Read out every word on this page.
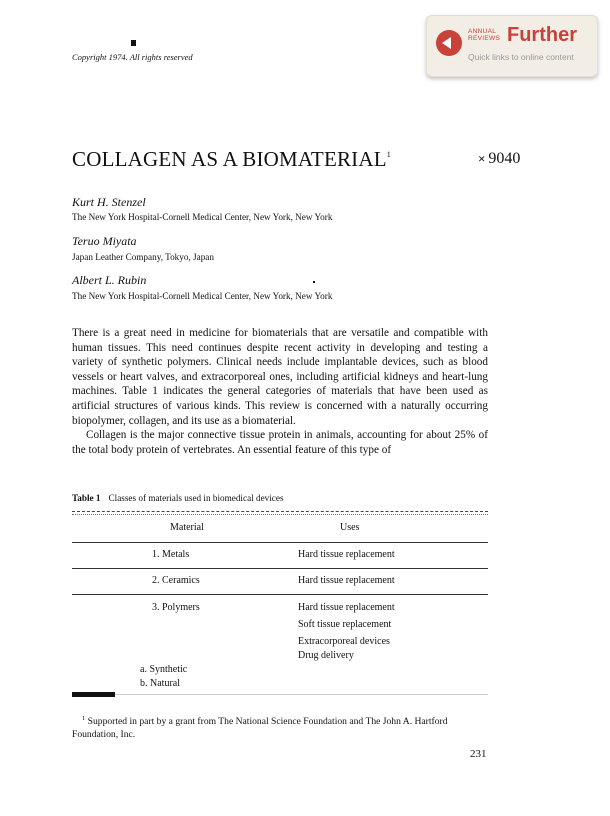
Copyright 1974. All rights reserved
ANNUAL
REVIEWS Further
Quick links to online content
COLLAGEN AS A $BIOMATERIAL^1$	× 9040
Kurt H. Stenzel
The New York Hospital-Cornell Medical Center, New York, New York
Teruo Miyata
Japan Leather Company, Tokyo, Japan
Albert L. Rubin
The New York Hospital-Cornell Medical Center, New York, New York

There is a great need in medicine for biomaterials that are versatile and compatible with human tissues. This need continues despite recent activity in developing and testing a variety of synthetic polymers. Clinical needs include implantable devices, such as blood vessels or heart valves, and extracorporeal ones, including artificial kidneys and heart-lung machines. Table 1 indicates the general categories of materials that have been used as artificial structures of various kinds. This review is concerned with a naturally occurring biopolymer, collagen, and its use as a biomaterial.

Collagen is the major connective tissue protein in animals, accounting for about 25% of the total body protein of vertebrates. An essential feature of this type of

Table 1 Classes of materials used in biomedical devices
Material	Uses
1. Metals	Hard tissue replacement
2. Ceramics	Hard tissue replacement
3. Polymers	Hard tissue replacement
Soft tissue replacement
Extracorporeal devices
Drug delivery
a. Synthetic
b. Natural
$^1$ Supported in part by a grant from The National Science Foundation and The John A. Hartford Foundation, Inc.
231
